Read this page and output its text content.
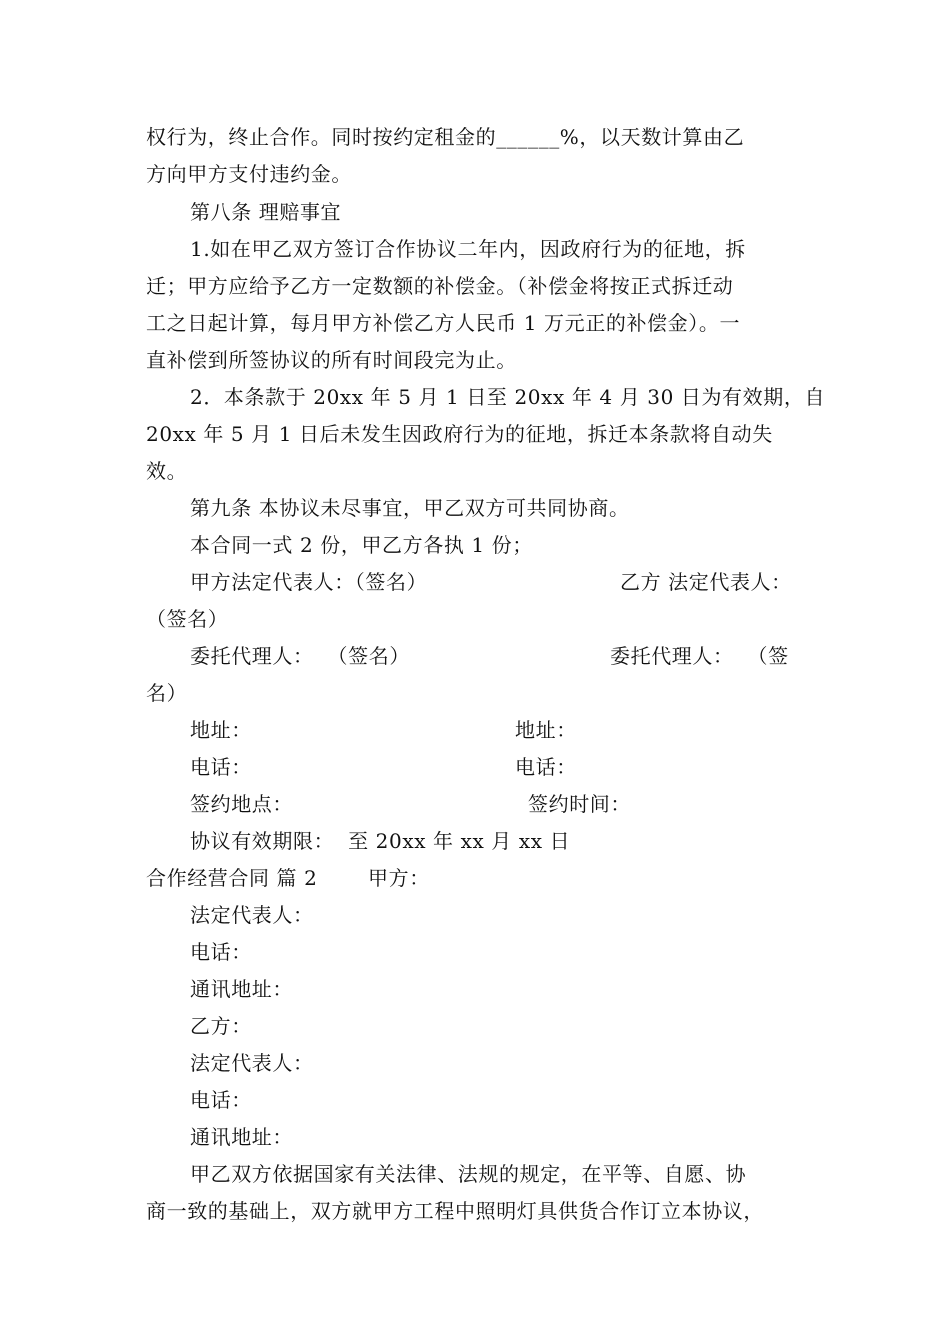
权行为，终止合作。同时按约定租金的______%，以天数计算由乙
方向甲方支付违约金。
第八条 理赔事宜
1.如在甲乙双方签订合作协议二年内，因政府行为的征地，拆
迁；甲方应给予乙方一定数额的补偿金。（补偿金将按正式拆迁动
工之日起计算，每月甲方补偿乙方人民币 1 万元正的补偿金）。一
直补偿到所签协议的所有时间段完为止。
2．本条款于 20xx 年 5 月 1 日至 20xx 年 4 月 30 日为有效期，自
20xx 年 5 月 1 日后未发生因政府行为的征地，拆迁本条款将自动失
效。
第九条 本协议未尽事宜，甲乙双方可共同协商。
本合同一式 2 份，甲乙方各执 1 份；
甲方法定代表人：（签名）	乙方 法定代表人：
（签名）
委托代理人：  （签名）	委托代理人：  （签
名）
地址：	地址：
电话：	电话：
签约地点：	签约时间：
协议有效期限：  至 20xx 年 xx 月 xx 日
合作经营合同 篇 2	甲方：
法定代表人：
电话：
通讯地址：
乙方：
法定代表人：
电话：
通讯地址：
甲乙双方依据国家有关法律、法规的规定，在平等、自愿、协
商一致的基础上，双方就甲方工程中照明灯具供货合作订立本协议，
